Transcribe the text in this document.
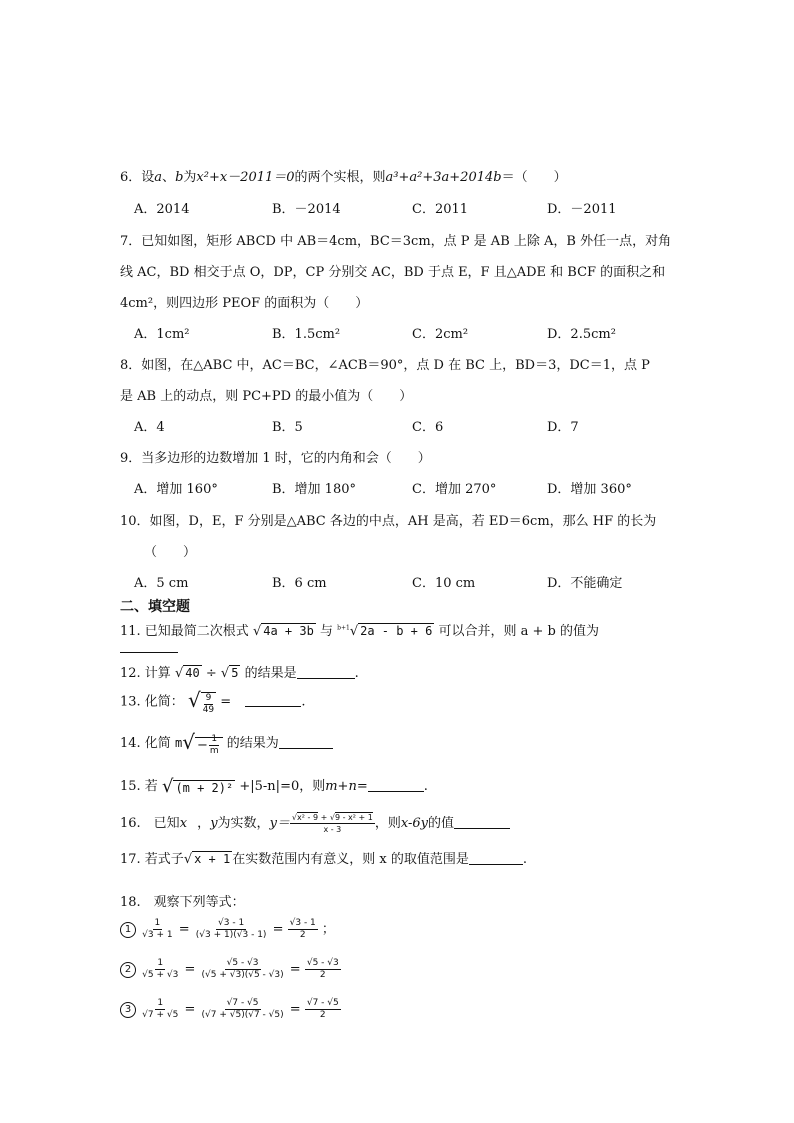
6．设a、b为x²+x－2011＝0的两个实根，则a³+a²+3a+2014b＝（　　）
A．2014	B．－2014	C．2011	D．－2011
7．已知如图，矩形 ABCD 中 AB＝4cm，BC＝3cm，点 P 是 AB 上除 A，B 外任一点，对角
线 AC，BD 相交于点 O，DP，CP 分别交 AC，BD 于点 E，F 且△ADE 和 BCF 的面积之和
4cm²，则四边形 PEOF 的面积为（　　）
A．1cm²	B．1.5cm²	C．2cm²	D．2.5cm²
8．如图，在△ABC 中，AC＝BC，∠ACB＝90°，点 D 在 BC 上，BD＝3，DC＝1，点 P
是 AB 上的动点，则 PC+PD 的最小值为（　　）
A．4	B．5	C．6	D．7
9．当多边形的边数增加 1 时，它的内角和会（　　）
A．增加 160°	B．增加 180°	C．增加 270°	D．增加 360°
10．如图，D，E，F 分别是△ABC 各边的中点，AH 是高，若 ED＝6cm，那么 HF 的长为
（　　）
A．5 cm	B．6 cm	C．10 cm	D．不能确定
二、填空题
11. 已知最简二次根式 √ 4a + 3b 与 $^{b+1}$√ 2a - b + 6 可以合并，则 a + b 的值为
12. 计算 √ 40 ÷ √ 5 的结果是	.
13. 化简： √ $\frac{9}{49}$ =	.
14. 化简 $m√ - \frac{1}{m}$ 的结果为
15. 若 √ (m + 2)² +|5-n|=0，则m+n=	.
16.　已知x ，y为实数，$y= \frac{\text{√x² - 9 + √9 - x² + 1}}{x - 3}$ ，则x-6y的值
17. 若式子√ x + 1 在实数范围内有意义，则 x 的取值范围是	.
18.　观察下列等式：
$1 \frac{1}{√3 + 1} = \frac{√3 - 1}{(√3 + 1)(√3 - 1)} = \frac{√3 - 1}{2}$ ；
$2 \frac{1}{√5 + √3} = \frac{√5 - √3}{(√5 + √3)(√5 - √3)} = \frac{√5 - √3}{2}$
$3 \frac{1}{√7 + √5} = \frac{√7 - √5}{(√7 + √5)(√7 - √5)} = \frac{√7 - √5}{2}$
